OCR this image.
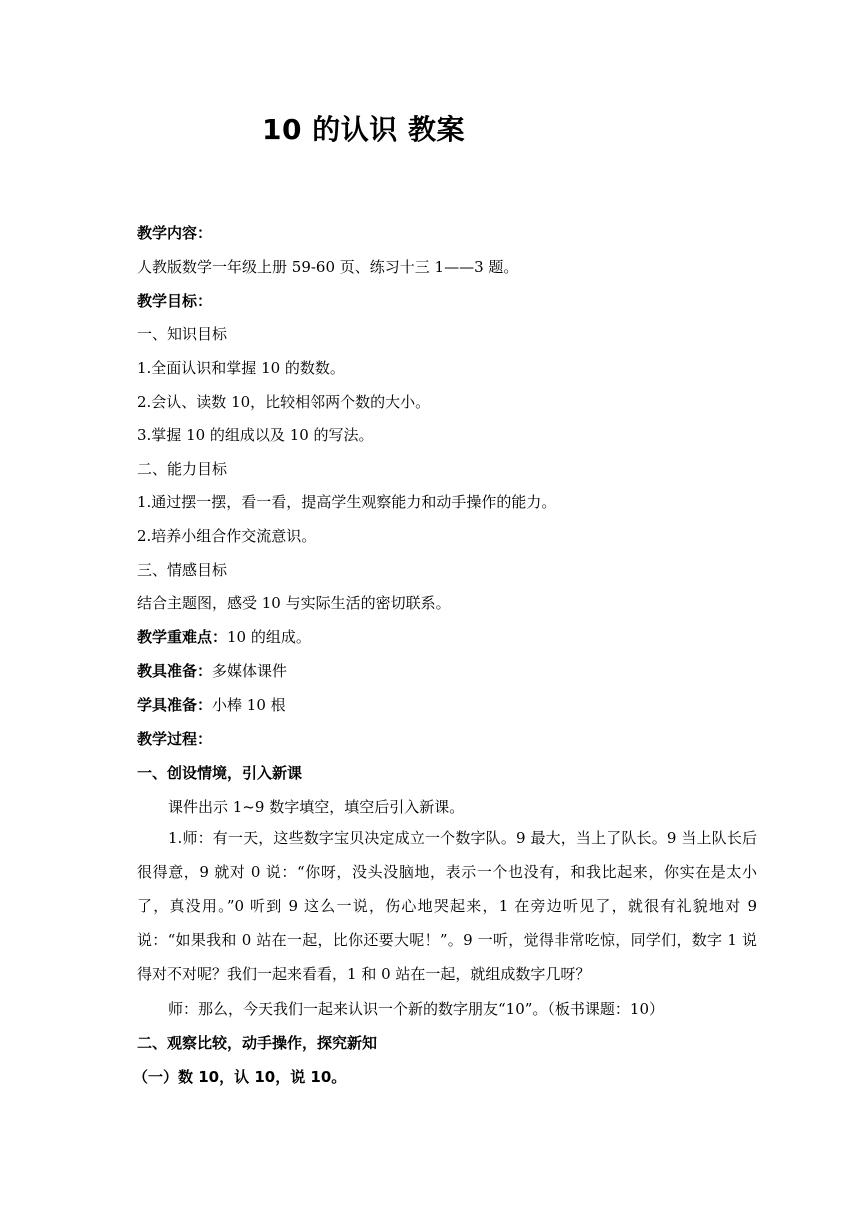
10 的认识 教案
教学内容：
人教版数学一年级上册 59-60 页、练习十三 1——3 题。
教学目标：
一、知识目标
1.全面认识和掌握 10 的数数。
2.会认、读数 10，比较相邻两个数的大小。
3.掌握 10 的组成以及 10 的写法。
二、能力目标
1.通过摆一摆，看一看，提高学生观察能力和动手操作的能力。
2.培养小组合作交流意识。
三、情感目标
结合主题图，感受 10 与实际生活的密切联系。
教学重难点：10 的组成。
教具准备：多媒体课件
学具准备：小棒 10 根
教学过程：
一、创设情境，引入新课
课件出示 1~9 数字填空，填空后引入新课。

1.师：有一天，这些数字宝贝决定成立一个数字队。9 最大，当上了队长。9 当上队长后很得意，9 就对 0 说：“你呀，没头没脑地，表示一个也没有，和我比起来，你实在是太小了，真没用。”0 听到 9 这么一说，伤心地哭起来，1 在旁边听见了，就很有礼貌地对 9 说：“如果我和 0 站在一起，比你还要大呢！”。9 一听，觉得非常吃惊，同学们，数字 1 说得对不对呢？我们一起来看看，1 和 0 站在一起，就组成数字几呀？

师：那么，今天我们一起来认识一个新的数字朋友“10”。（板书课题：10）
二、观察比较，动手操作，探究新知
（一）数 10，认 10，说 10。
